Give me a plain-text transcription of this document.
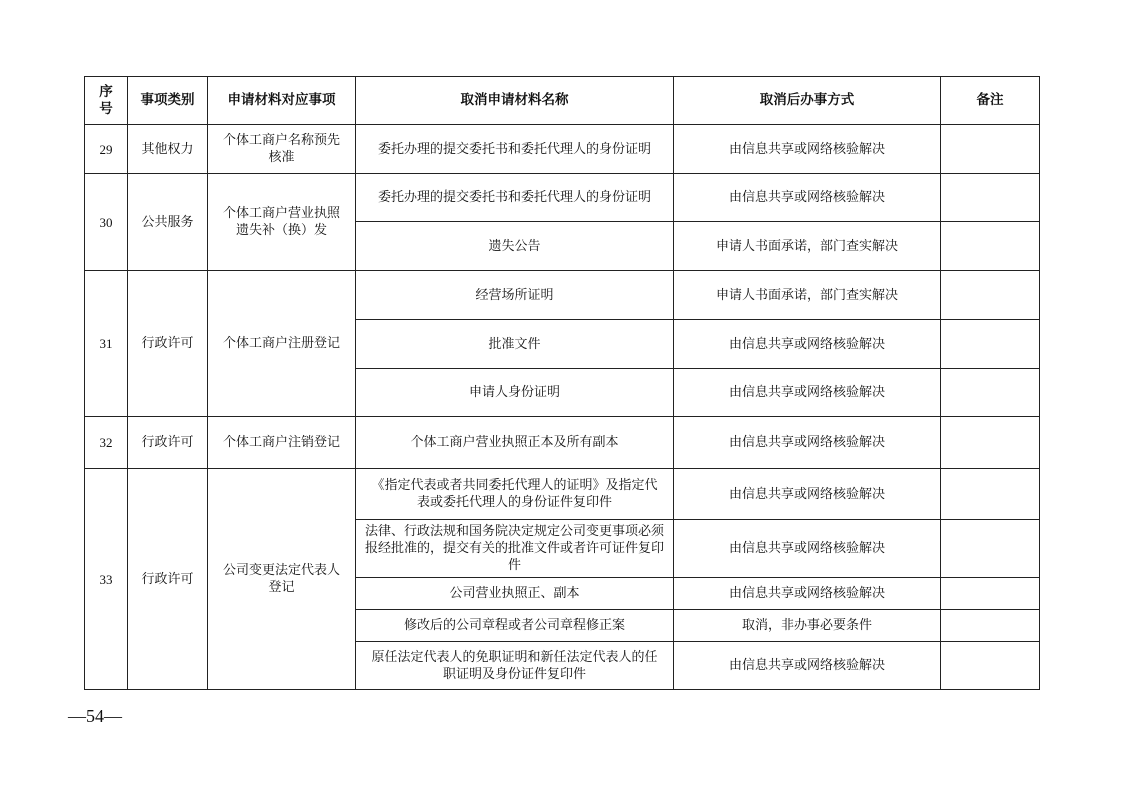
序号	事项类别	申请材料对应事项	取消申请材料名称	取消后办事方式	备注
29	其他权力	个体工商户名称预先核准	委托办理的提交委托书和委托代理人的身份证明	由信息共享或网络核验解决	
30	公共服务	个体工商户营业执照遗失补（换）发	委托办理的提交委托书和委托代理人的身份证明	由信息共享或网络核验解决	
			遗失公告	申请人书面承诺，部门查实解决	
31	行政许可	个体工商户注册登记	经营场所证明	申请人书面承诺，部门查实解决	
			批准文件	由信息共享或网络核验解决	
			申请人身份证明	由信息共享或网络核验解决	
32	行政许可	个体工商户注销登记	个体工商户营业执照正本及所有副本	由信息共享或网络核验解决	
33	行政许可	公司变更法定代表人登记	《指定代表或者共同委托代理人的证明》及指定代表或委托代理人的身份证件复印件	由信息共享或网络核验解决	
			法律、行政法规和国务院决定规定公司变更事项必须报经批准的，提交有关的批准文件或者许可证件复印件	由信息共享或网络核验解决	
			公司营业执照正、副本	由信息共享或网络核验解决	
			修改后的公司章程或者公司章程修正案	取消，非办事必要条件	
			原任法定代表人的免职证明和新任法定代表人的任职证明及身份证件复印件	由信息共享或网络核验解决	
—54—
